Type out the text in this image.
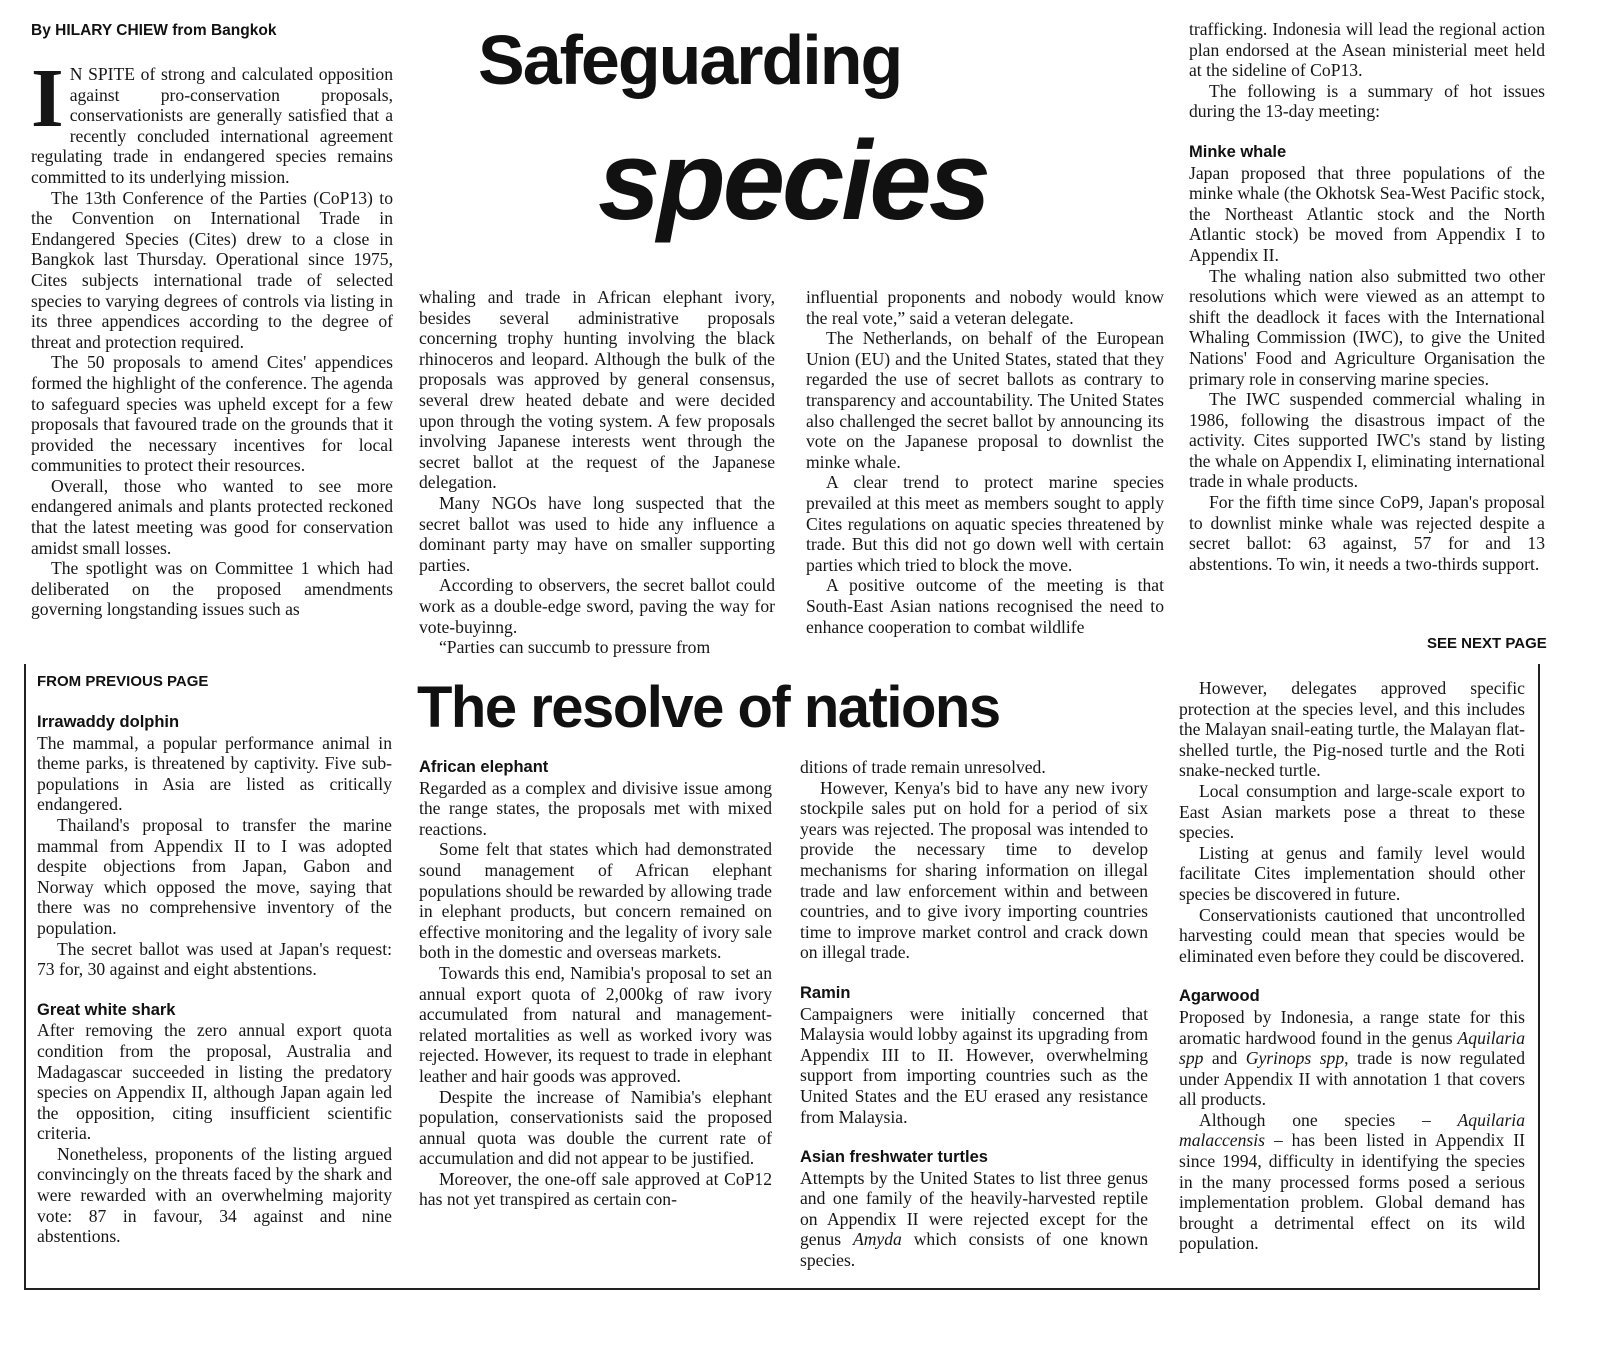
By HILARY CHIEW from Bangkok	Safeguarding
species
I N SPITE of strong and calculated opposition against pro-conservation proposals, conservationists are generally satisfied that a recently concluded international agreement regulating trade in endangered species remains committed to its underlying mission.

The 13th Conference of the Parties (CoP13) to the Convention on International Trade in Endangered Species (Cites) drew to a close in Bangkok last Thursday. Operational since 1975, Cites subjects international trade of selected species to varying degrees of controls via listing in its three appendices according to the degree of threat and protection required.

The 50 proposals to amend Cites' appendices formed the highlight of the conference. The agenda to safeguard species was upheld except for a few proposals that favoured trade on the grounds that it provided the necessary incentives for local communities to protect their resources.

Overall, those who wanted to see more endangered animals and plants protected reckoned that the latest meeting was good for conservation amidst small losses.

The spotlight was on Committee 1 which had deliberated on the proposed amendments governing longstanding issues such as

whaling and trade in African elephant ivory, besides several administrative proposals concerning trophy hunting involving the black rhinoceros and leopard. Although the bulk of the proposals was approved by general consensus, several drew heated debate and were decided upon through the voting system. A few proposals involving Japanese interests went through the secret ballot at the request of the Japanese delegation.

Many NGOs have long suspected that the secret ballot was used to hide any influence a dominant party may have on smaller supporting parties.

According to observers, the secret ballot could work as a double-edge sword, paving the way for vote-buyinng.

“Parties can succumb to pressure from

influential proponents and nobody would know the real vote,” said a veteran delegate.

The Netherlands, on behalf of the European Union (EU) and the United States, stated that they regarded the use of secret ballots as contrary to transparency and accountability. The United States also challenged the secret ballot by announcing its vote on the Japanese proposal to downlist the minke whale.

A clear trend to protect marine species prevailed at this meet as members sought to apply Cites regulations on aquatic species threatened by trade. But this did not go down well with certain parties which tried to block the move.

A positive outcome of the meeting is that South-East Asian nations recognised the need to enhance cooperation to combat wildlife

trafficking. Indonesia will lead the regional action plan endorsed at the Asean ministerial meet held at the sideline of CoP13.

The following is a summary of hot issues during the 13-day meeting:

Minke whale

Japan proposed that three populations of the minke whale (the Okhotsk Sea-West Pacific stock, the Northeast Atlantic stock and the North Atlantic stock) be moved from Appendix I to Appendix II.

The whaling nation also submitted two other resolutions which were viewed as an attempt to shift the deadlock it faces with the International Whaling Commission (IWC), to give the United Nations' Food and Agriculture Organisation the primary role in conserving marine species.

The IWC suspended commercial whaling in 1986, following the disastrous impact of the activity. Cites supported IWC's stand by listing the whale on Appendix I, eliminating international trade in whale products.

For the fifth time since CoP9, Japan's proposal to downlist minke whale was rejected despite a secret ballot: 63 against, 57 for and 13 abstentions. To win, it needs a two-thirds support.

SEE NEXT PAGE
FROM PREVIOUS PAGE	The resolve of nations
Irrawaddy dolphin

The mammal, a popular performance animal in theme parks, is threatened by captivity. Five sub-populations in Asia are listed as critically endangered.

Thailand's proposal to transfer the marine mammal from Appendix II to I was adopted despite objections from Japan, Gabon and Norway which opposed the move, saying that there was no comprehensive inventory of the population.

The secret ballot was used at Japan's request: 73 for, 30 against and eight abstentions.

Great white shark

After removing the zero annual export quota condition from the proposal, Australia and Madagascar succeeded in listing the predatory species on Appendix II, although Japan again led the opposition, citing insufficient scientific criteria.

Nonetheless, proponents of the listing argued convincingly on the threats faced by the shark and were rewarded with an overwhelming majority vote: 87 in favour, 34 against and nine abstentions.

African elephant

Regarded as a complex and divisive issue among the range states, the proposals met with mixed reactions.

Some felt that states which had demonstrated sound management of African elephant populations should be rewarded by allowing trade in elephant products, but concern remained on effective monitoring and the legality of ivory sale both in the domestic and overseas markets.

Towards this end, Namibia's proposal to set an annual export quota of 2,000kg of raw ivory accumulated from natural and management-related mortalities as well as worked ivory was rejected. However, its request to trade in elephant leather and hair goods was approved.

Despite the increase of Namibia's elephant population, conservationists said the proposed annual quota was double the current rate of accumulation and did not appear to be justified.

Moreover, the one-off sale approved at CoP12 has not yet transpired as certain con-

ditions of trade remain unresolved.

However, Kenya's bid to have any new ivory stockpile sales put on hold for a period of six years was rejected. The proposal was intended to provide the necessary time to develop mechanisms for sharing information on illegal trade and law enforcement within and between countries, and to give ivory importing countries time to improve market control and crack down on illegal trade.

Ramin

Campaigners were initially concerned that Malaysia would lobby against its upgrading from Appendix III to II. However, overwhelming support from importing countries such as the United States and the EU erased any resistance from Malaysia.

Asian freshwater turtles

Attempts by the United States to list three genus and one family of the heavily-harvested reptile on Appendix II were rejected except for the genus Amyda which consists of one known species.

However, delegates approved specific protection at the species level, and this includes the Malayan snail-eating turtle, the Malayan flat-shelled turtle, the Pig-nosed turtle and the Roti snake-necked turtle.

Local consumption and large-scale export to East Asian markets pose a threat to these species.

Listing at genus and family level would facilitate Cites implementation should other species be discovered in future.

Conservationists cautioned that uncontrolled harvesting could mean that species would be eliminated even before they could be discovered.

Agarwood

Proposed by Indonesia, a range state for this aromatic hardwood found in the genus Aquilaria spp and Gyrinops spp, trade is now regulated under Appendix II with annotation 1 that covers all products.

Although one species – Aquilaria malaccensis – has been listed in Appendix II since 1994, difficulty in identifying the species in the many processed forms posed a serious implementation problem. Global demand has brought a detrimental effect on its wild population.
